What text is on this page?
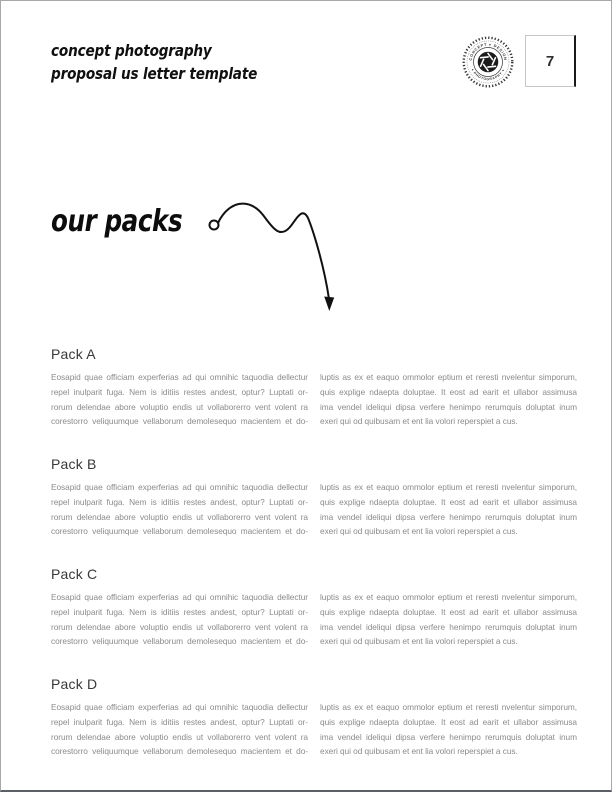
concept photography
proposal us letter template
CONCEPT ♦ DESIGN
♦ PHOTOGRAPHY ♦
7
our packs
Pack A
Eosapid quae officiam experferias ad qui omnihic taquodia dellectur
repel inulparit fuga. Nem is iditiis restes andest, optur? Luptati or-
rorum delendae abore voluptio endis ut vollaborerro vent volent ra
corestorro veliquumque vellaborum demolesequo macientem et do-
luptis as ex et eaquo ommolor eptium et reresti nvelentur simporum,
quis explige ndaepta doluptae. It eost ad earit et ullabor assimusa
ima vendel ideliqui dipsa verfere henimpo rerumquis doluptat inum
exeri qui od quibusam et ent lia volori reperspiet a cus.
Pack B
Eosapid quae officiam experferias ad qui omnihic taquodia dellectur
repel inulparit fuga. Nem is iditiis restes andest, optur? Luptati or-
rorum delendae abore voluptio endis ut vollaborerro vent volent ra
corestorro veliquumque vellaborum demolesequo macientem et do-
luptis as ex et eaquo ommolor eptium et reresti nvelentur simporum,
quis explige ndaepta doluptae. It eost ad earit et ullabor assimusa
ima vendel ideliqui dipsa verfere henimpo rerumquis doluptat inum
exeri qui od quibusam et ent lia volori reperspiet a cus.
Pack C
Eosapid quae officiam experferias ad qui omnihic taquodia dellectur
repel inulparit fuga. Nem is iditiis restes andest, optur? Luptati or-
rorum delendae abore voluptio endis ut vollaborerro vent volent ra
corestorro veliquumque vellaborum demolesequo macientem et do-
luptis as ex et eaquo ommolor eptium et reresti nvelentur simporum,
quis explige ndaepta doluptae. It eost ad earit et ullabor assimusa
ima vendel ideliqui dipsa verfere henimpo rerumquis doluptat inum
exeri qui od quibusam et ent lia volori reperspiet a cus.
Pack D
Eosapid quae officiam experferias ad qui omnihic taquodia dellectur
repel inulparit fuga. Nem is iditiis restes andest, optur? Luptati or-
rorum delendae abore voluptio endis ut vollaborerro vent volent ra
corestorro veliquumque vellaborum demolesequo macientem et do-
luptis as ex et eaquo ommolor eptium et reresti nvelentur simporum,
quis explige ndaepta doluptae. It eost ad earit et ullabor assimusa
ima vendel ideliqui dipsa verfere henimpo rerumquis doluptat inum
exeri qui od quibusam et ent lia volori reperspiet a cus.
